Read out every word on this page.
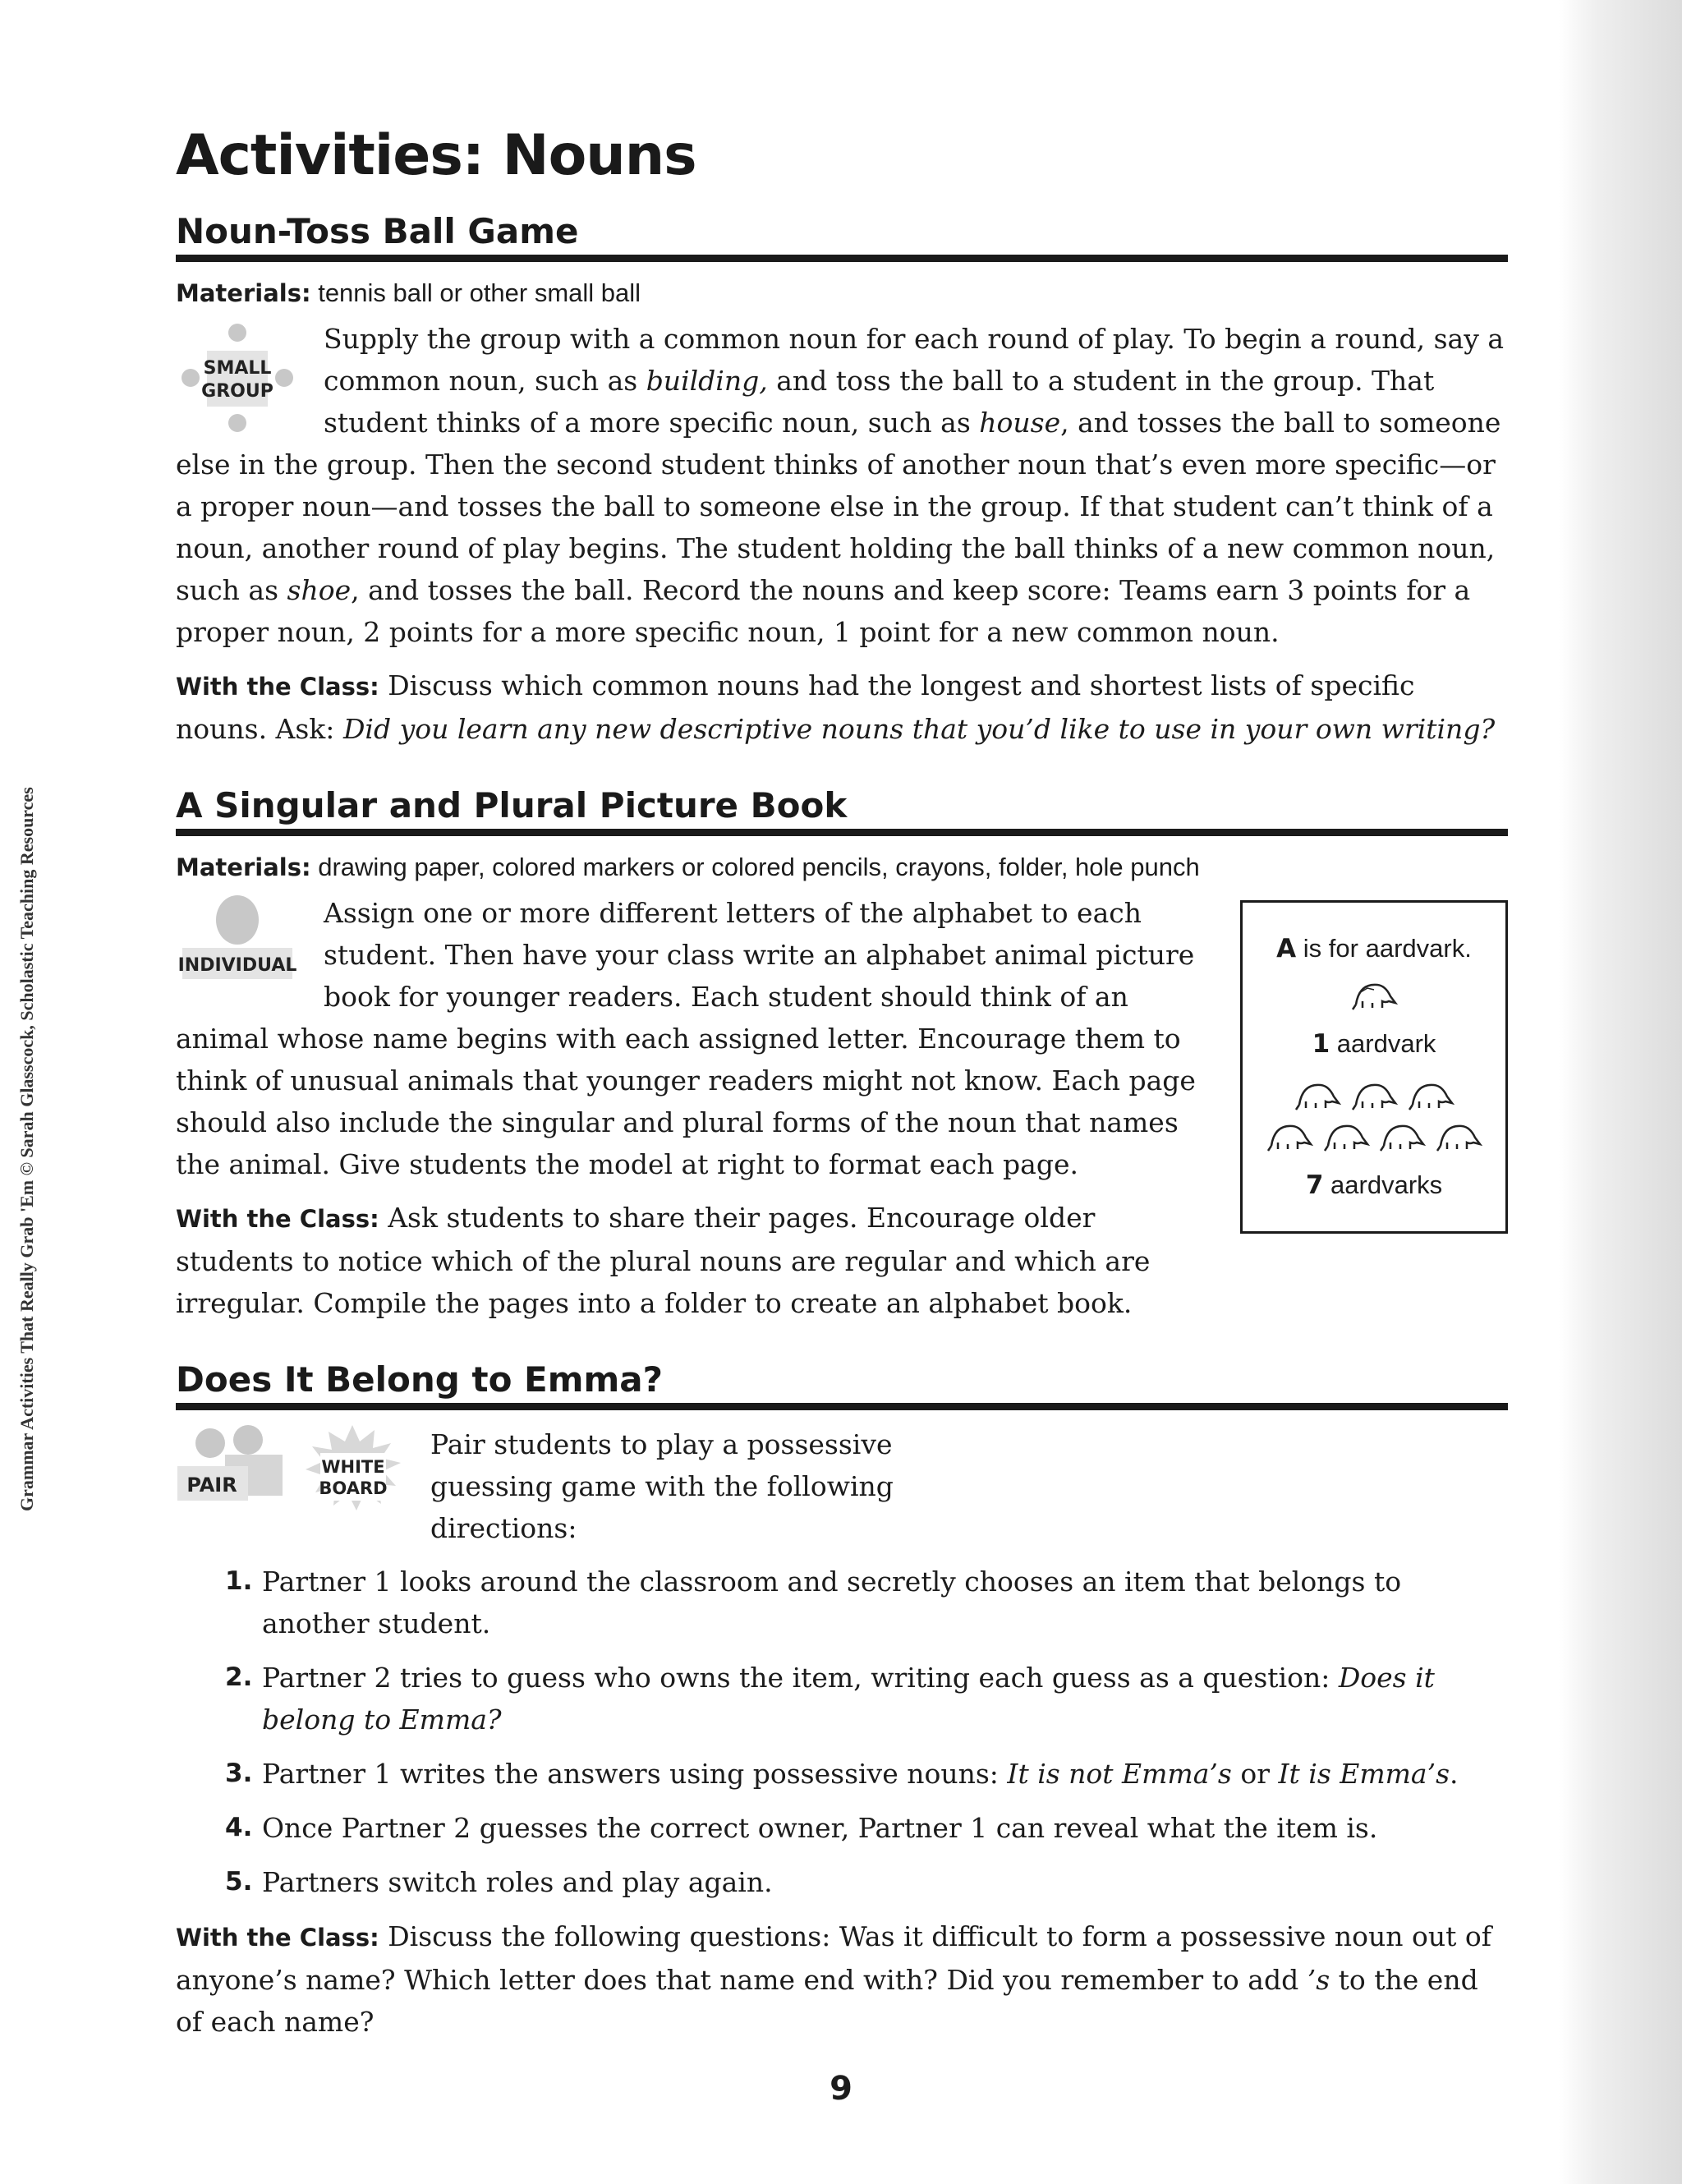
Grammar Activities That Really Grab 'Em © Sarah Glasscock, Scholastic Teaching Resources
Activities: Nouns
Noun-Toss Ball Game
Materials: tennis ball or other small ball
SMALL
GROUP

Supply the group with a common noun for each round of play. To begin a round, say a common noun, such as building, and toss the ball to a student in the group. That student thinks of a more specific noun, such as house, and tosses the ball to someone else in the group. Then the second student thinks of another noun that’s even more specific—or a proper noun—and tosses the ball to someone else in the group. If that student can’t think of a noun, another round of play begins. The student holding the ball thinks of a new common noun, such as shoe, and tosses the ball. Record the nouns and keep score: Teams earn 3 points for a proper noun, 2 points for a more specific noun, 1 point for a new common noun.

With the Class: Discuss which common nouns had the longest and shortest lists of specific nouns. Ask: Did you learn any new descriptive nouns that you’d like to use in your own writing?

A Singular and Plural Picture Book
Materials: drawing paper, colored markers or colored pencils, crayons, folder, hole punch

A is for aardvark.

1 aardvark

7 aardvarks

INDIVIDUAL

Assign one or more different letters of the alphabet to each student. Then have your class write an alphabet animal picture book for younger readers. Each student should think of an animal whose name begins with each assigned letter. Encourage them to think of unusual animals that younger readers might not know. Each page should also include the singular and plural forms of the noun that names the animal. Give students the model at right to format each page.

With the Class: Ask students to share their pages. Encourage older students to notice which of the plural nouns are regular and which are irregular. Compile the pages into a folder to create an alphabet book.

Does It Belong to Emma?
PAIR
WHITE
BOARD

Pair students to play a possessive guessing game with the following directions:

1. Partner 1 looks around the classroom and secretly chooses an item that belongs to another student.
2. Partner 2 tries to guess who owns the item, writing each guess as a question: Does it belong to Emma?
3. Partner 1 writes the answers using possessive nouns: It is not Emma’s or It is Emma’s.
4. Once Partner 2 guesses the correct owner, Partner 1 can reveal what the item is.
5. Partners switch roles and play again.

With the Class: Discuss the following questions: Was it difficult to form a possessive noun out of anyone’s name? Which letter does that name end with? Did you remember to add ’s to the end of each name?

9
